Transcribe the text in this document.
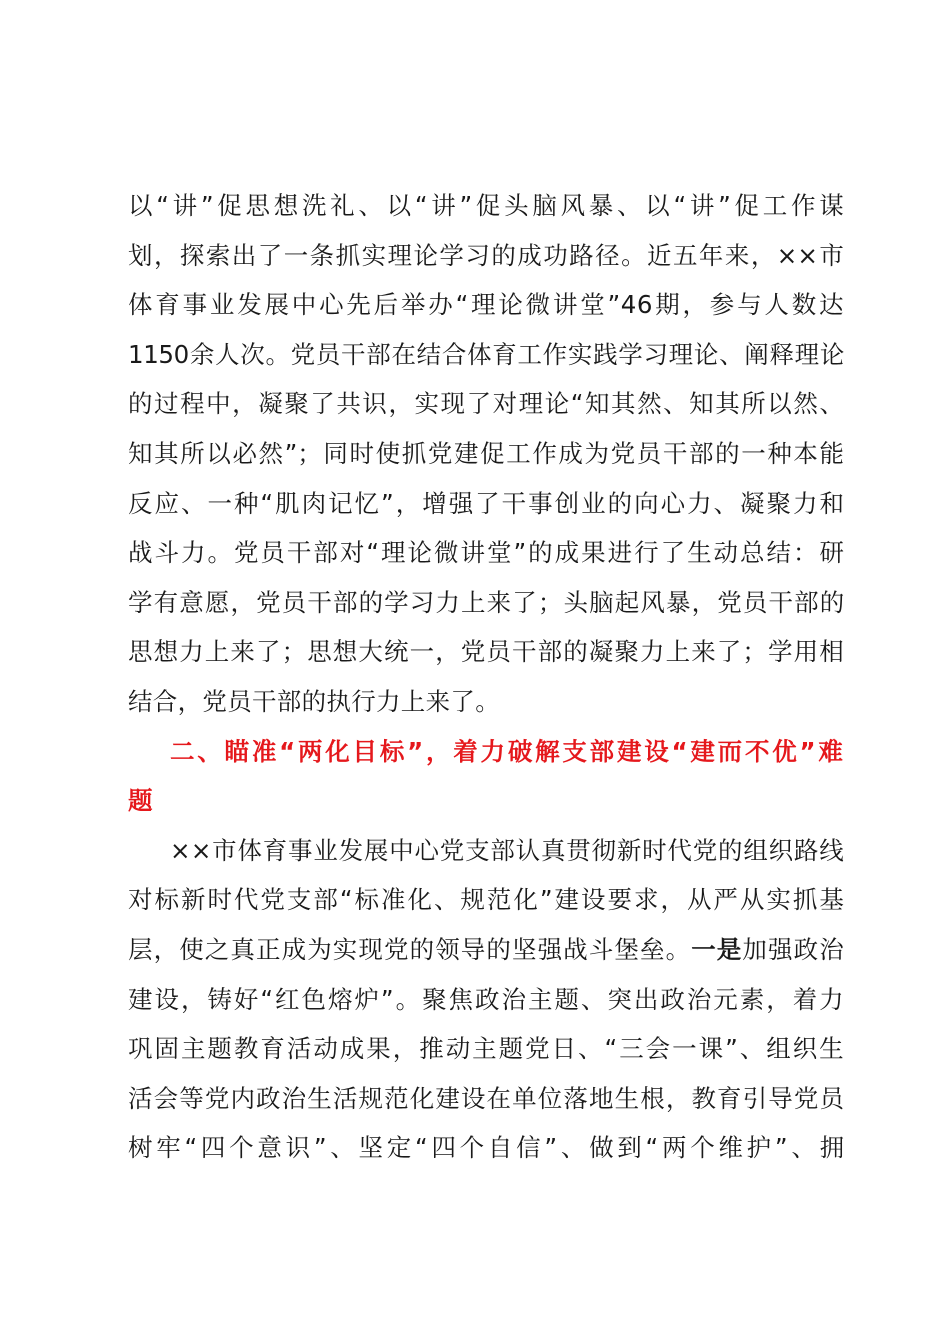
以“讲”促思想洗礼、以“讲”促头脑风暴、以“讲”促工作谋
划，探索出了一条抓实理论学习的成功路径。近五年来，××市
体育事业发展中心先后举办“理论微讲堂”46期，参与人数达
1150余人次。党员干部在结合体育工作实践学习理论、阐释理论
的过程中，凝聚了共识，实现了对理论“知其然、知其所以然、
知其所以必然”；同时使抓党建促工作成为党员干部的一种本能
反应、一种“肌肉记忆”，增强了干事创业的向心力、凝聚力和
战斗力。党员干部对“理论微讲堂”的成果进行了生动总结：研
学有意愿，党员干部的学习力上来了；头脑起风暴，党员干部的
思想力上来了；思想大统一，党员干部的凝聚力上来了；学用相
结合，党员干部的执行力上来了。
二、瞄准“两化目标”，着力破解支部建设“建而不优”难
题
××市体育事业发展中心党支部认真贯彻新时代党的组织路线
对标新时代党支部“标准化、规范化”建设要求，从严从实抓基
层，使之真正成为实现党的领导的坚强战斗堡垒。一是加强政治
建设，铸好“红色熔炉”。聚焦政治主题、突出政治元素，着力
巩固主题教育活动成果，推动主题党日、“三会一课”、组织生
活会等党内政治生活规范化建设在单位落地生根，教育引导党员
树牢“四个意识”、坚定“四个自信”、做到“两个维护”、拥
